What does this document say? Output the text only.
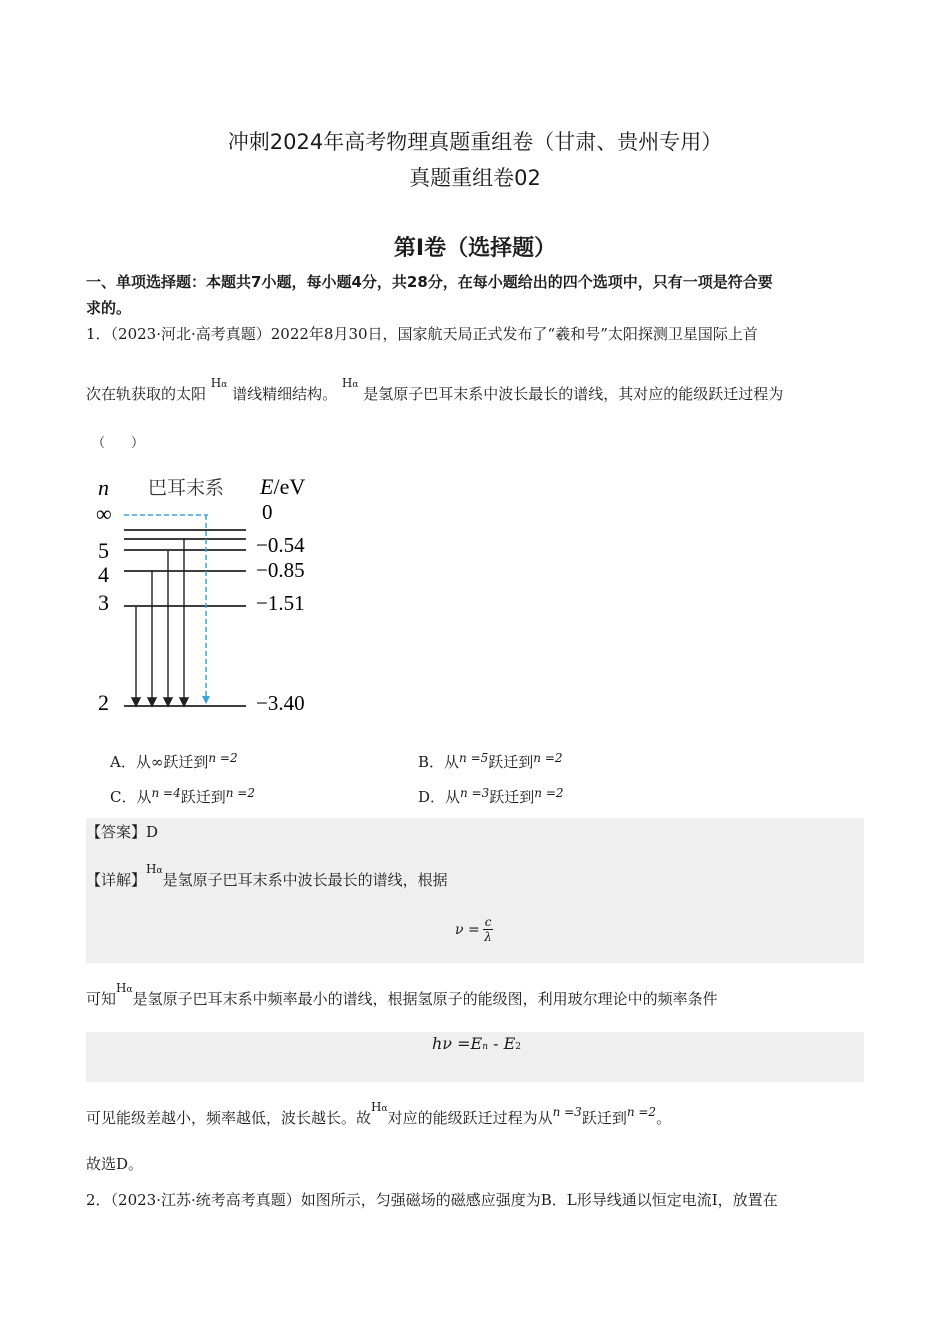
冲刺2024年高考物理真题重组卷（甘肃、贵州专用）
真题重组卷02
第I卷（选择题）
一、单项选择题：本题共7小题，每小题4分，共28分，在每小题给出的四个选项中，只有一项是符合要
求的。
1．（2023·河北·高考真题）2022年8月30日，国家航天局正式发布了“羲和号”太阳探测卫星国际上首
次在轨获取的太阳 $^{H\alpha}$ 谱线精细结构。 $^{H\alpha}$ 是氢原子巴耳末系中波长最长的谱线，其对应的能级跃迁过程为
（　　）
n 巴耳末系 E/eV
∞	0
5	−0.54
4	−0.85
3	−1.51
2	−3.40
A．从∞跃迁到$^{n =2}$	B．从$^{n =5}$跃迁到$^{n =2}$
C．从$^{n =4}$跃迁到$^{n =2}$	D．从$^{n =3}$跃迁到$^{n =2}$
【答案】D
【详解】$^{H\alpha}$是氢原子巴耳末系中波长最长的谱线，根据
$\nu = \frac{c}{\lambda}$
可知$^{H\alpha}$是氢原子巴耳末系中频率最小的谱线，根据氢原子的能级图，利用玻尔理论中的频率条件
hν =En - E2
可见能级差越小，频率越低，波长越长。故$^{H\alpha}$对应的能级跃迁过程为从$^{n =3}$跃迁到$^{n =2}$。
故选D。
2．（2023·江苏·统考高考真题）如图所示，匀强磁场的磁感应强度为B．L形导线通以恒定电流I，放置在
